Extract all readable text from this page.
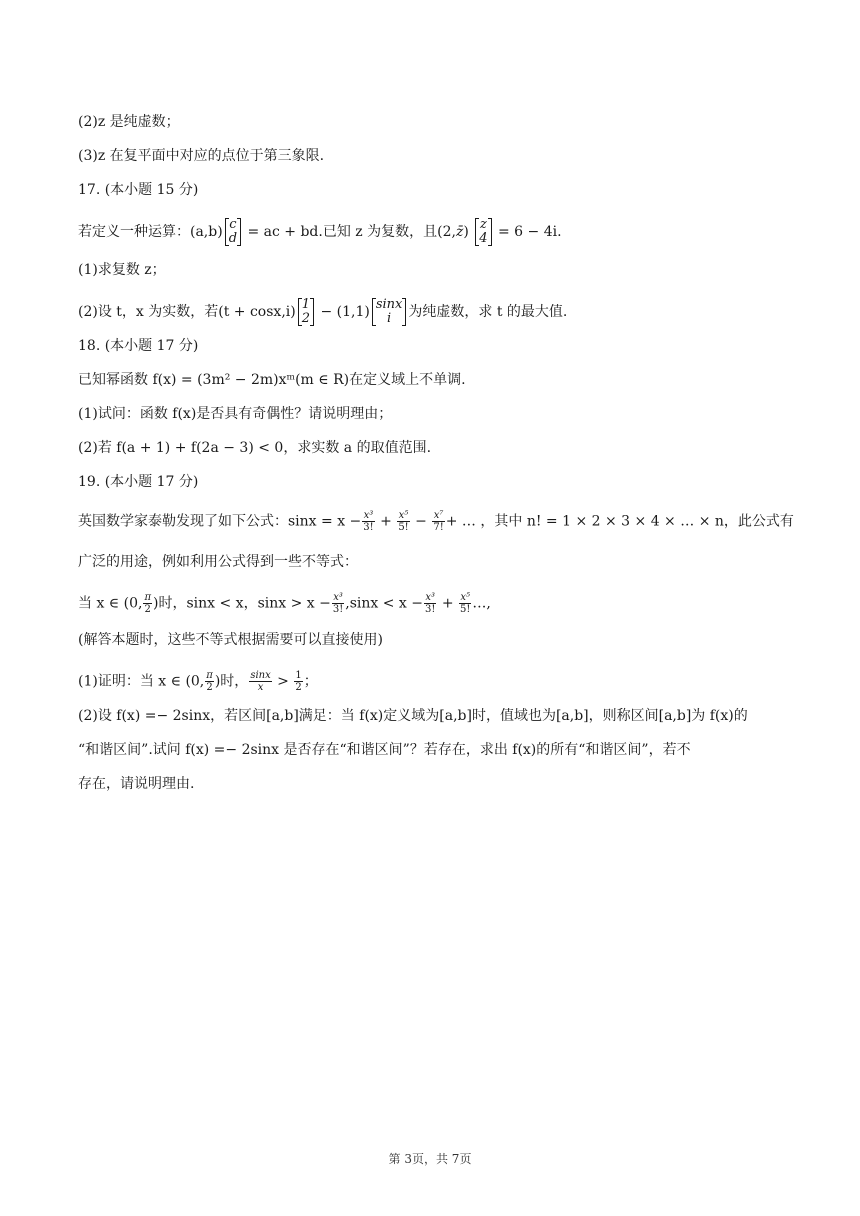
(2)z 是纯虚数；
(3)z 在复平面中对应的点位于第三象限.
17. (本小题 15 分)
若定义一种运算：(a,b) c
d = ac + bd.已知 z 为复数，且(2,z̄) z
4 = 6 − 4i.
(1)求复数 z；
(2)设 t，x 为实数，若(t + cosx,i) 1
2 − (1,1) sinx
i	为纯虚数，求 t 的最大值.
18. (本小题 17 分)
已知幂函数 f(x) = (3m² − 2m)xᵐ(m ∈ R)在定义域上不单调.
(1)试问：函数 f(x)是否具有奇偶性？请说明理由；
(2)若 f(a + 1) + f(2a − 3) < 0，求实数 a 的取值范围.
19. (本小题 17 分)
英国数学家泰勒发现了如下公式：$\sin x = x - \frac{\text{x³}}{3!} + \frac{\text{x⁵}}{5!} - \frac{\text{x⁷}}{7!}$ + … ，其中 n! = 1 × 2 × 3 × 4 × … × n，此公式有
广泛的用途，例如利用公式得到一些不等式：
当 x ∈ (0, $\frac{\pi}{2}$ )时，sinx < x，$\sin x > x - \frac{\text{x³}}{3!} ,\sin x < x - \frac{\text{x³}}{3!} + \frac{\text{x⁵}}{5!}$ …,
(解答本题时，这些不等式根据需要可以直接使用)
(1)证明：当 x ∈ (0, $\frac{\pi}{2}$ )时， $\frac{\sin x}{x} > \frac{1}{2}$ ；
(2)设 f(x) =− 2sinx，若区间[a,b]满足：当 f(x)定义域为[a,b]时，值域也为[a,b]，则称区间[a,b]为 f(x)的
“和谐区间”.试问 f(x) =− 2sinx 是否存在“和谐区间”？若存在，求出 f(x)的所有“和谐区间”，若不
存在，请说明理由.
第 3页，共 7页
